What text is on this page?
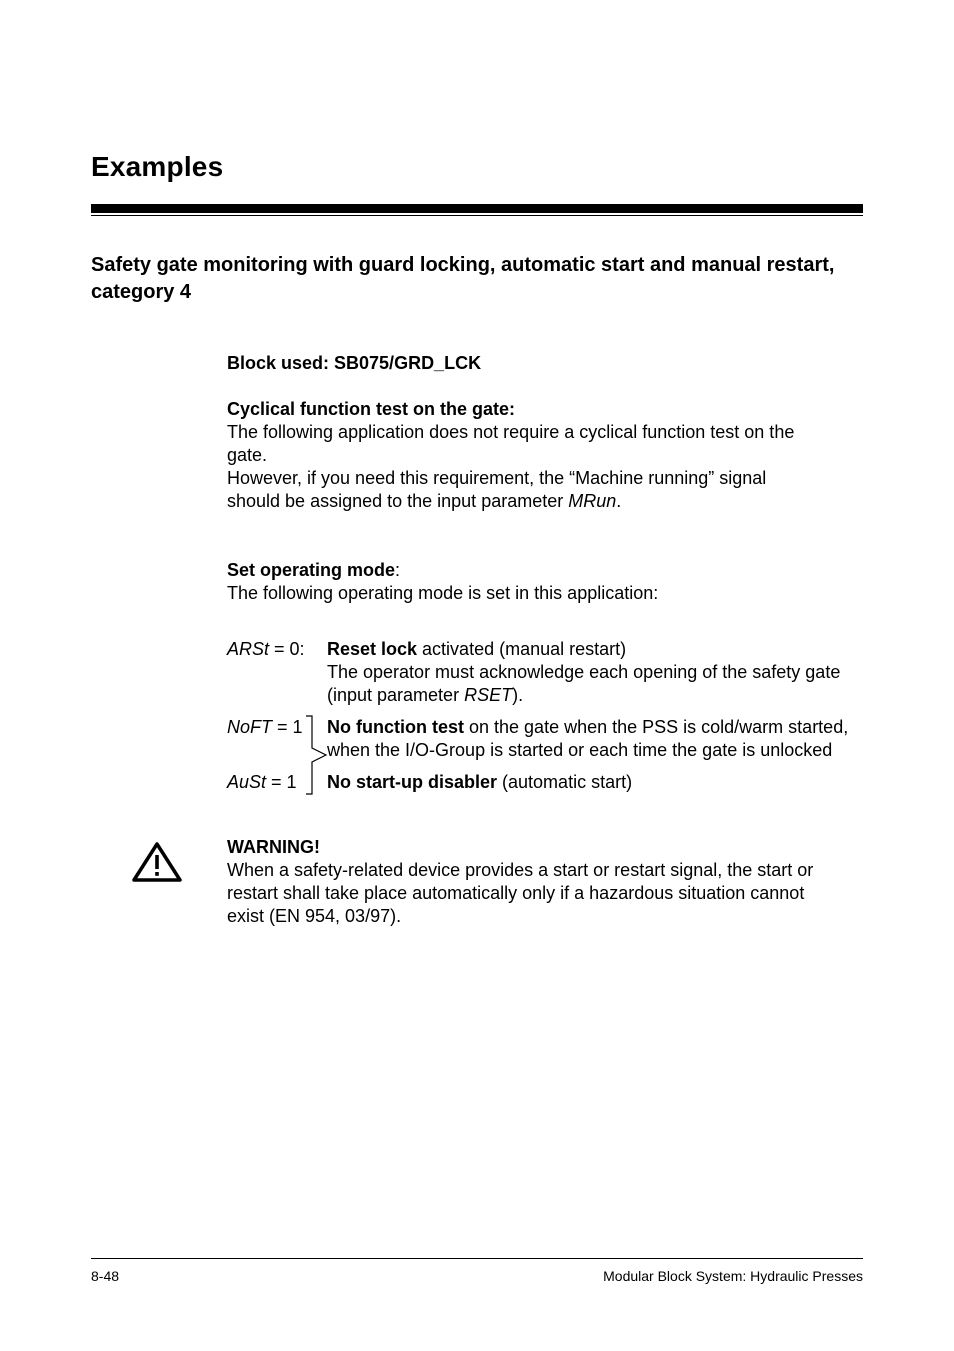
Examples
Safety gate monitoring with guard locking, automatic start and manual restart, category 4
Block used: SB075/GRD_LCK
Cyclical function test on the gate:
The following application does not require a cyclical function test on the
gate.
However, if you need this requirement, the “Machine running” signal
should be assigned to the input parameter MRun.
Set operating mode:
The following operating mode is set in this application:
ARSt = 0: Reset lock activated (manual restart)
The operator must acknowledge each opening of the safety gate
(input parameter RSET).
NoFT = 1 No function test on the gate when the PSS is cold/warm started,
when the I/O-Group is started or each time the gate is unlocked
AuSt = 1 No start-up disabler (automatic start)
WARNING!
When a safety-related device provides a start or restart signal, the start or
restart shall take place automatically only if a hazardous situation cannot
exist (EN 954, 03/97).
8-48	Modular Block System: Hydraulic Presses
